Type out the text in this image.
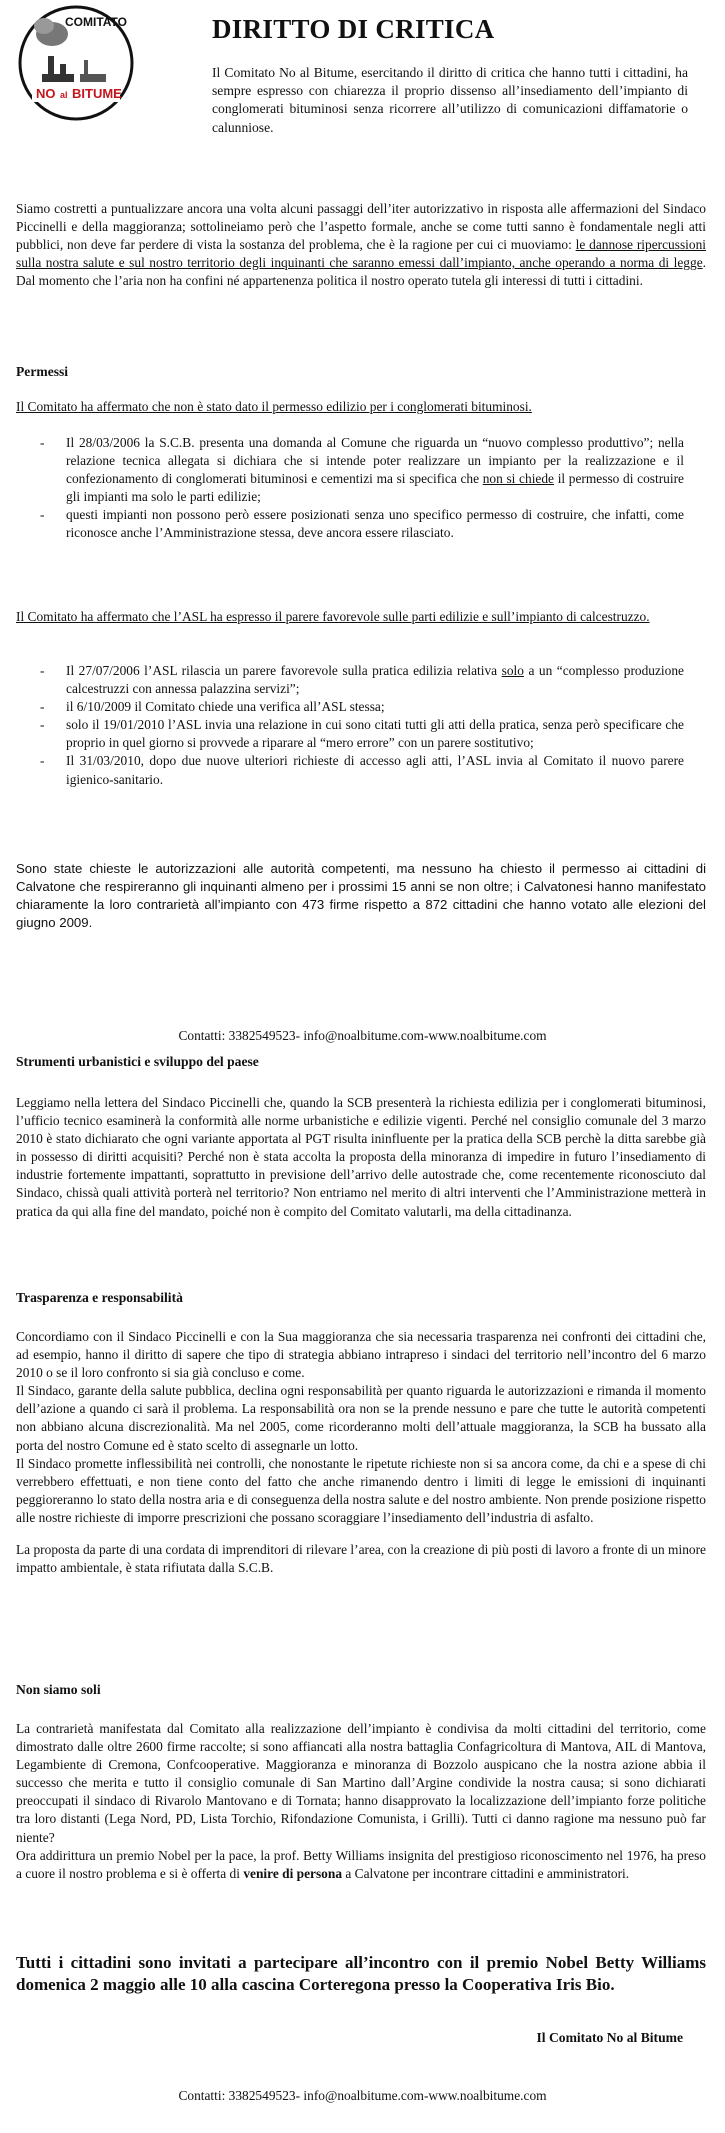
COMITATO
NO al BITUME
DIRITTO DI CRITICA

Il Comitato No al Bitume, esercitando il diritto di critica che hanno tutti i cittadini, ha sempre espresso con chiarezza il proprio dissenso all’insediamento dell’impianto di conglomerati bituminosi senza ricorrere all’utilizzo di comunicazioni diffamatorie o calunniose.

Siamo costretti a puntualizzare ancora una volta alcuni passaggi dell’iter autorizzativo in risposta alle affermazioni del Sindaco Piccinelli e della maggioranza; sottolineiamo però che l’aspetto formale, anche se come tutti sanno è fondamentale negli atti pubblici, non deve far perdere di vista la sostanza del problema, che è la ragione per cui ci muoviamo: le dannose ripercussioni sulla nostra salute e sul nostro territorio degli inquinanti che saranno emessi dall’impianto, anche operando a norma di legge. Dal momento che l’aria non ha confini né appartenenza politica il nostro operato tutela gli interessi di tutti i cittadini.

Permessi

Il Comitato ha affermato che non è stato dato il permesso edilizio per i conglomerati bituminosi.

- Il 28/03/2006 la S.C.B. presenta una domanda al Comune che riguarda un “nuovo complesso produttivo”; nella relazione tecnica allegata si dichiara che si intende poter realizzare un impianto per la realizzazione e il confezionamento di conglomerati bituminosi e cementizi ma si specifica che non si chiede il permesso di costruire gli impianti ma solo le parti edilizie;
- questi impianti non possono però essere posizionati senza uno specifico permesso di costruire, che infatti, come riconosce anche l’Amministrazione stessa, deve ancora essere rilasciato.

Il Comitato ha affermato che l’ASL ha espresso il parere favorevole sulle parti edilizie e sull’impianto di calcestruzzo.

- Il 27/07/2006 l’ASL rilascia un parere favorevole sulla pratica edilizia relativa solo a un “complesso produzione calcestruzzi con annessa palazzina servizi”;
- il 6/10/2009 il Comitato chiede una verifica all’ASL stessa;
- solo il 19/01/2010 l’ASL invia una relazione in cui sono citati tutti gli atti della pratica, senza però specificare che proprio in quel giorno si provvede a riparare al “mero errore” con un parere sostitutivo;
- Il 31/03/2010, dopo due nuove ulteriori richieste di accesso agli atti, l’ASL invia al Comitato il nuovo parere igienico-sanitario.

Sono state chieste le autorizzazioni alle autorità competenti, ma nessuno ha chiesto il permesso ai cittadini di Calvatone che respireranno gli inquinanti almeno per i prossimi 15 anni se non oltre; i Calvatonesi hanno manifestato chiaramente la loro contrarietà all’impianto con 473 firme rispetto a 872 cittadini che hanno votato alle elezioni del giugno 2009.

Contatti: 3382549523- info@noalbitume.com-www.noalbitume.com

Strumenti urbanistici e sviluppo del paese

Leggiamo nella lettera del Sindaco Piccinelli che, quando la SCB presenterà la richiesta edilizia per i conglomerati bituminosi, l’ufficio tecnico esaminerà la conformità alle norme urbanistiche e edilizie vigenti. Perché nel consiglio comunale del 3 marzo 2010 è stato dichiarato che ogni variante apportata al PGT risulta ininfluente per la pratica della SCB perchè la ditta sarebbe già in possesso di diritti acquisiti? Perché non è stata accolta la proposta della minoranza di impedire in futuro l’insediamento di industrie fortemente impattanti, soprattutto in previsione dell’arrivo delle autostrade che, come recentemente riconosciuto dal Sindaco, chissà quali attività porterà nel territorio? Non entriamo nel merito di altri interventi che l’Amministrazione metterà in pratica da qui alla fine del mandato, poiché non è compito del Comitato valutarli, ma della cittadinanza.

Trasparenza e responsabilità

Concordiamo con il Sindaco Piccinelli e con la Sua maggioranza che sia necessaria trasparenza nei confronti dei cittadini che, ad esempio, hanno il diritto di sapere che tipo di strategia abbiano intrapreso i sindaci del territorio nell’incontro del 6 marzo 2010 o se il loro confronto si sia già concluso e come.

Il Sindaco, garante della salute pubblica, declina ogni responsabilità per quanto riguarda le autorizzazioni e rimanda il momento dell’azione a quando ci sarà il problema. La responsabilità ora non se la prende nessuno e pare che tutte le autorità competenti non abbiano alcuna discrezionalità. Ma nel 2005, come ricorderanno molti dell’attuale maggioranza, la SCB ha bussato alla porta del nostro Comune ed è stato scelto di assegnarle un lotto.

Il Sindaco promette inflessibilità nei controlli, che nonostante le ripetute richieste non si sa ancora come, da chi e a spese di chi verrebbero effettuati, e non tiene conto del fatto che anche rimanendo dentro i limiti di legge le emissioni di inquinanti peggioreranno lo stato della nostra aria e di conseguenza della nostra salute e del nostro ambiente. Non prende posizione rispetto alle nostre richieste di imporre prescrizioni che possano scoraggiare l’insediamento dell’industria di asfalto.

La proposta da parte di una cordata di imprenditori di rilevare l’area, con la creazione di più posti di lavoro a fronte di un minore impatto ambientale, è stata rifiutata dalla S.C.B.

Non siamo soli

La contrarietà manifestata dal Comitato alla realizzazione dell’impianto è condivisa da molti cittadini del territorio, come dimostrato dalle oltre 2600 firme raccolte; si sono affiancati alla nostra battaglia Confagricoltura di Mantova, AIL di Mantova, Legambiente di Cremona, Confcooperative. Maggioranza e minoranza di Bozzolo auspicano che la nostra azione abbia il successo che merita e tutto il consiglio comunale di San Martino dall’Argine condivide la nostra causa; si sono dichiarati preoccupati il sindaco di Rivarolo Mantovano e di Tornata; hanno disapprovato la localizzazione dell’impianto forze politiche tra loro distanti (Lega Nord, PD, Lista Torchio, Rifondazione Comunista, i Grilli). Tutti ci danno ragione ma nessuno può far niente?

Ora addirittura un premio Nobel per la pace, la prof. Betty Williams insignita del prestigioso riconoscimento nel 1976, ha preso a cuore il nostro problema e si è offerta di venire di persona a Calvatone per incontrare cittadini e amministratori.

Tutti i cittadini sono invitati a partecipare all’incontro con il premio Nobel Betty Williams domenica 2 maggio alle 10 alla cascina Corteregona presso la Cooperativa Iris Bio.

Il Comitato No al Bitume

Contatti: 3382549523- info@noalbitume.com-www.noalbitume.com
